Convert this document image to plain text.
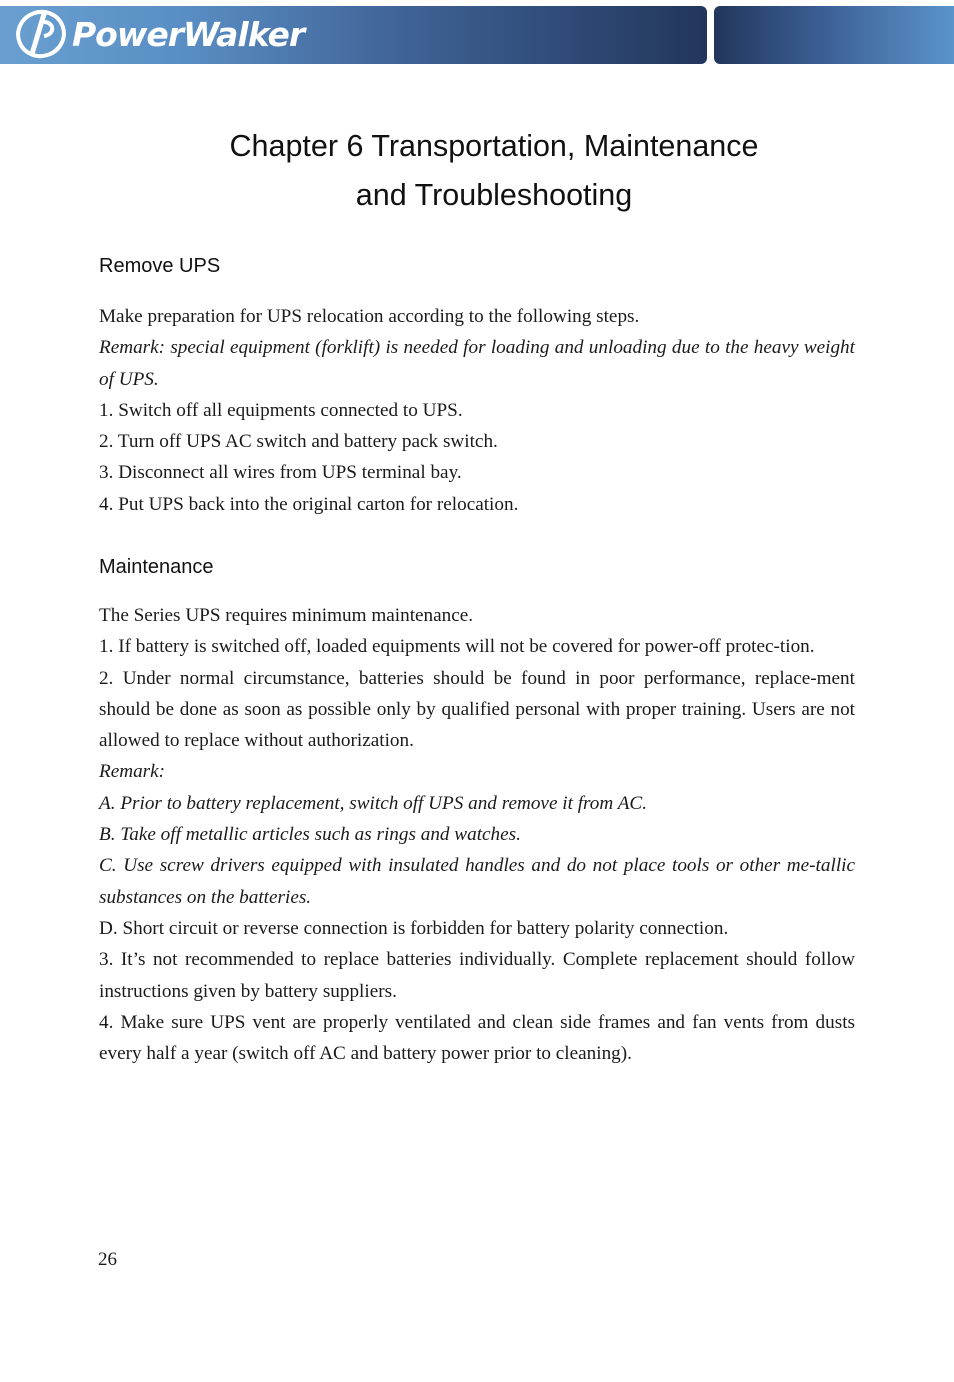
PowerWalker
Chapter 6 Transportation, Maintenance
and Troubleshooting
Remove UPS

Make preparation for UPS relocation according to the following steps.

Remark: special equipment (forklift) is needed for loading and unloading due to the heavy weight of UPS.

1. Switch off all equipments connected to UPS.

2. Turn off UPS AC switch and battery pack switch.

3. Disconnect all wires from UPS terminal bay.

4. Put UPS back into the original carton for relocation.

Maintenance

The Series UPS requires minimum maintenance.

1. If battery is switched off, loaded equipments will not be covered for power-off protec-tion.

2. Under normal circumstance, batteries should be found in poor performance, replace-ment should be done as soon as possible only by qualified personal with proper training. Users are not allowed to replace without authorization.

Remark:

A. Prior to battery replacement, switch off UPS and remove it from AC.

B. Take off metallic articles such as rings and watches.

C. Use screw drivers equipped with insulated handles and do not place tools or other me-tallic substances on the batteries.

D. Short circuit or reverse connection is forbidden for battery polarity connection.

3. It’s not recommended to replace batteries individually. Complete replacement should follow instructions given by battery suppliers.

4. Make sure UPS vent are properly ventilated and clean side frames and fan vents from dusts every half a year (switch off AC and battery power prior to cleaning).

26
